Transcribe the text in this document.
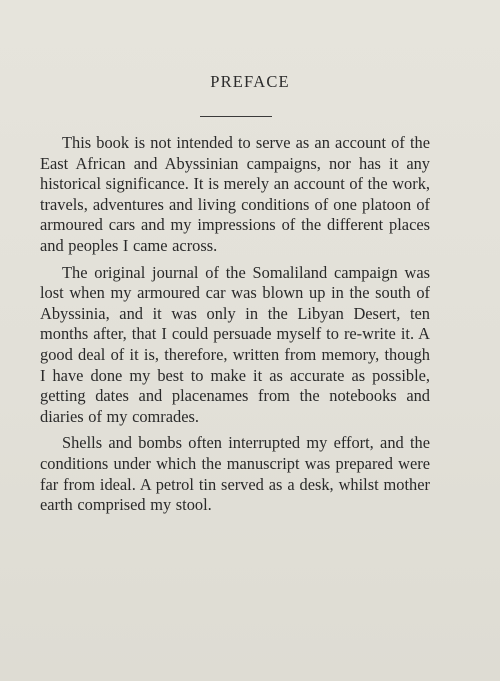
PREFACE

This book is not intended to serve as an account of the East African and Abyssinian campaigns, nor has it any historical significance. It is merely an account of the work, travels, adventures and living conditions of one platoon of armoured cars and my impressions of the different places and peoples I came across.

The original journal of the Somaliland campaign was lost when my armoured car was blown up in the south of Abyssinia, and it was only in the Libyan Desert, ten months after, that I could persuade myself to re-write it. A good deal of it is, therefore, written from memory, though I have done my best to make it as accurate as possible, getting dates and placenames from the notebooks and diaries of my comrades.

Shells and bombs often interrupted my effort, and the conditions under which the manuscript was prepared were far from ideal. A petrol tin served as a desk, whilst mother earth comprised my stool.
